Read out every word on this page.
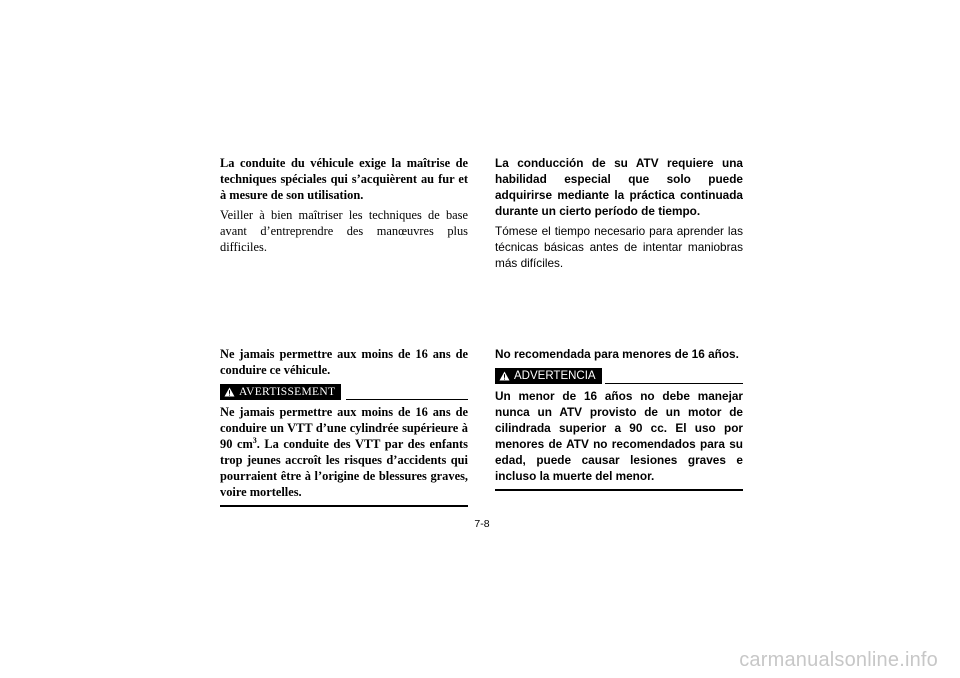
La conduite du véhicule exige la maîtrise de techniques spéciales qui s’acquièrent au fur et à mesure de son utilisation.

Veiller à bien maîtriser les techniques de base avant d’entreprendre des manœuvres plus difficiles.

La conducción de su ATV requiere una habilidad especial que solo puede adquirirse mediante la práctica continuada durante un cierto período de tiempo.

Tómese el tiempo necesario para aprender las técnicas básicas antes de intentar maniobras más difíciles.

Ne jamais permettre aux moins de 16 ans de conduire ce véhicule.

AVERTISSEMENT

Ne jamais permettre aux moins de 16 ans de conduire un VTT d’une cylindrée supérieure à 90 $cm^3$. La conduite des VTT par des enfants trop jeunes accroît les risques d’accidents qui pourraient être à l’origine de blessures graves, voire mortelles.

No recomendada para menores de 16 años.

ADVERTENCIA

Un menor de 16 años no debe manejar nunca un ATV provisto de un motor de cilindrada superior a 90 cc. El uso por menores de ATV no recomendados para su edad, puede causar lesiones graves e incluso la muerte del menor.

7-8
carmanualsonline.info
